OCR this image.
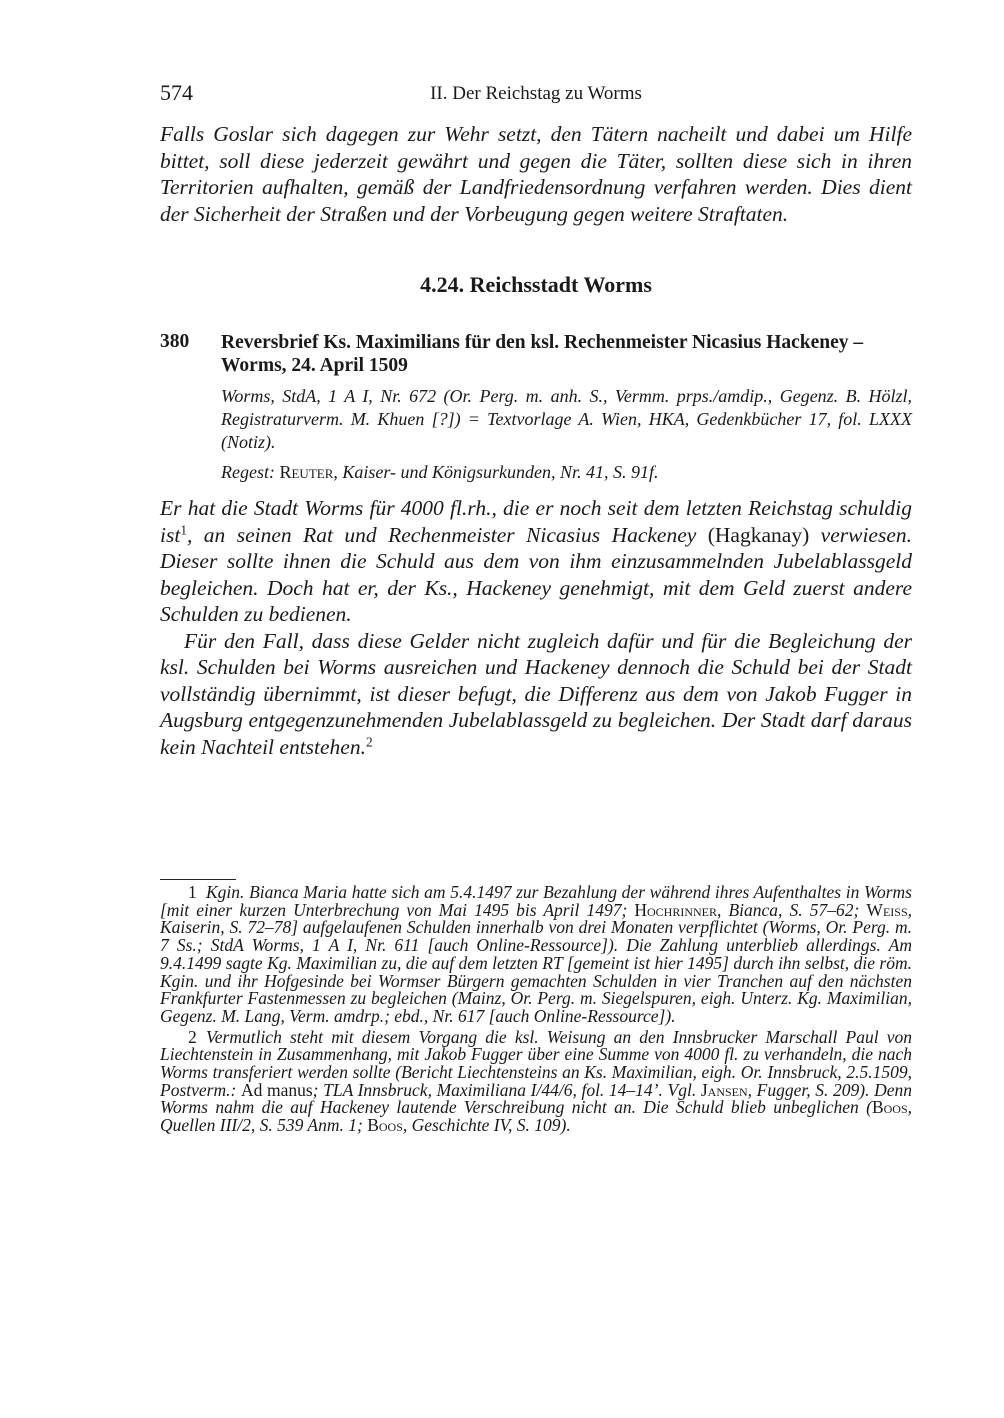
574	II. Der Reichstag zu Worms

Falls Goslar sich dagegen zur Wehr setzt, den Tätern nacheilt und dabei um Hilfe bittet, soll diese jederzeit gewährt und gegen die Täter, sollten diese sich in ihren Territorien aufhalten, gemäß der Landfriedensordnung verfahren werden. Dies dient der Sicherheit der Straßen und der Vorbeugung gegen weitere Straftaten.

4.24. Reichsstadt Worms
380 Reversbrief Ks. Maximilians für den ksl. Rechenmeister Nicasius Hackeney – Worms, 24. April 1509

Worms, StdA, 1 A I, Nr. 672 (Or. Perg. m. anh. S., Vermm. prps./amdip., Gegenz. B. Hölzl, Registraturverm. M. Khuen [?]) = Textvorlage A. Wien, HKA, Gedenkbücher 17, fol. LXXX (Notiz).

Regest: Reuter, Kaiser- und Königsurkunden, Nr. 41, S. 91f.

Er hat die Stadt Worms für 4000 fl.rh., die er noch seit dem letzten Reichstag schuldig ist$^1$, an seinen Rat und Rechenmeister Nicasius Hackeney (Hagkanay) verwiesen. Dieser sollte ihnen die Schuld aus dem von ihm einzusammelnden Jubelablassgeld begleichen. Doch hat er, der Ks., Hackeney genehmigt, mit dem Geld zuerst andere Schulden zu bedienen.

Für den Fall, dass diese Gelder nicht zugleich dafür und für die Begleichung der ksl. Schulden bei Worms ausreichen und Hackeney dennoch die Schuld bei der Stadt vollständig übernimmt, ist dieser befugt, die Differenz aus dem von Jakob Fugger in Augsburg entgegenzunehmenden Jubelablassgeld zu begleichen. Der Stadt darf daraus kein Nachteil entstehen.$^2$

1 Kgin. Bianca Maria hatte sich am 5.4.1497 zur Bezahlung der während ihres Aufenthaltes in Worms [mit einer kurzen Unterbrechung von Mai 1495 bis April 1497; Hochrinner, Bianca, S. 57–62; Weiss, Kaiserin, S. 72–78] aufgelaufenen Schulden innerhalb von drei Monaten verpflichtet (Worms, Or. Perg. m. 7 Ss.; StdA Worms, 1 A I, Nr. 611 [auch Online-Ressource]). Die Zahlung unterblieb allerdings. Am 9.4.1499 sagte Kg. Maximilian zu, die auf dem letzten RT [gemeint ist hier 1495] durch ihn selbst, die röm. Kgin. und ihr Hofgesinde bei Wormser Bürgern gemachten Schulden in vier Tranchen auf den nächsten Frankfurter Fastenmessen zu begleichen (Mainz, Or. Perg. m. Siegelspuren, eigh. Unterz. Kg. Maximilian, Gegenz. M. Lang, Verm. amdrp.; ebd., Nr. 617 [auch Online-Ressource]).

2 Vermutlich steht mit diesem Vorgang die ksl. Weisung an den Innsbrucker Marschall Paul von Liechtenstein in Zusammenhang, mit Jakob Fugger über eine Summe von 4000 fl. zu verhandeln, die nach Worms transferiert werden sollte (Bericht Liechtensteins an Ks. Maximilian, eigh. Or. Innsbruck, 2.5.1509, Postverm.: Ad manus; TLA Innsbruck, Maximiliana I/44/6, fol. 14–14’. Vgl. Jansen, Fugger, S. 209). Denn Worms nahm die auf Hackeney lautende Verschreibung nicht an. Die Schuld blieb unbeglichen (Boos, Quellen III/2, S. 539 Anm. 1; Boos, Geschichte IV, S. 109).
